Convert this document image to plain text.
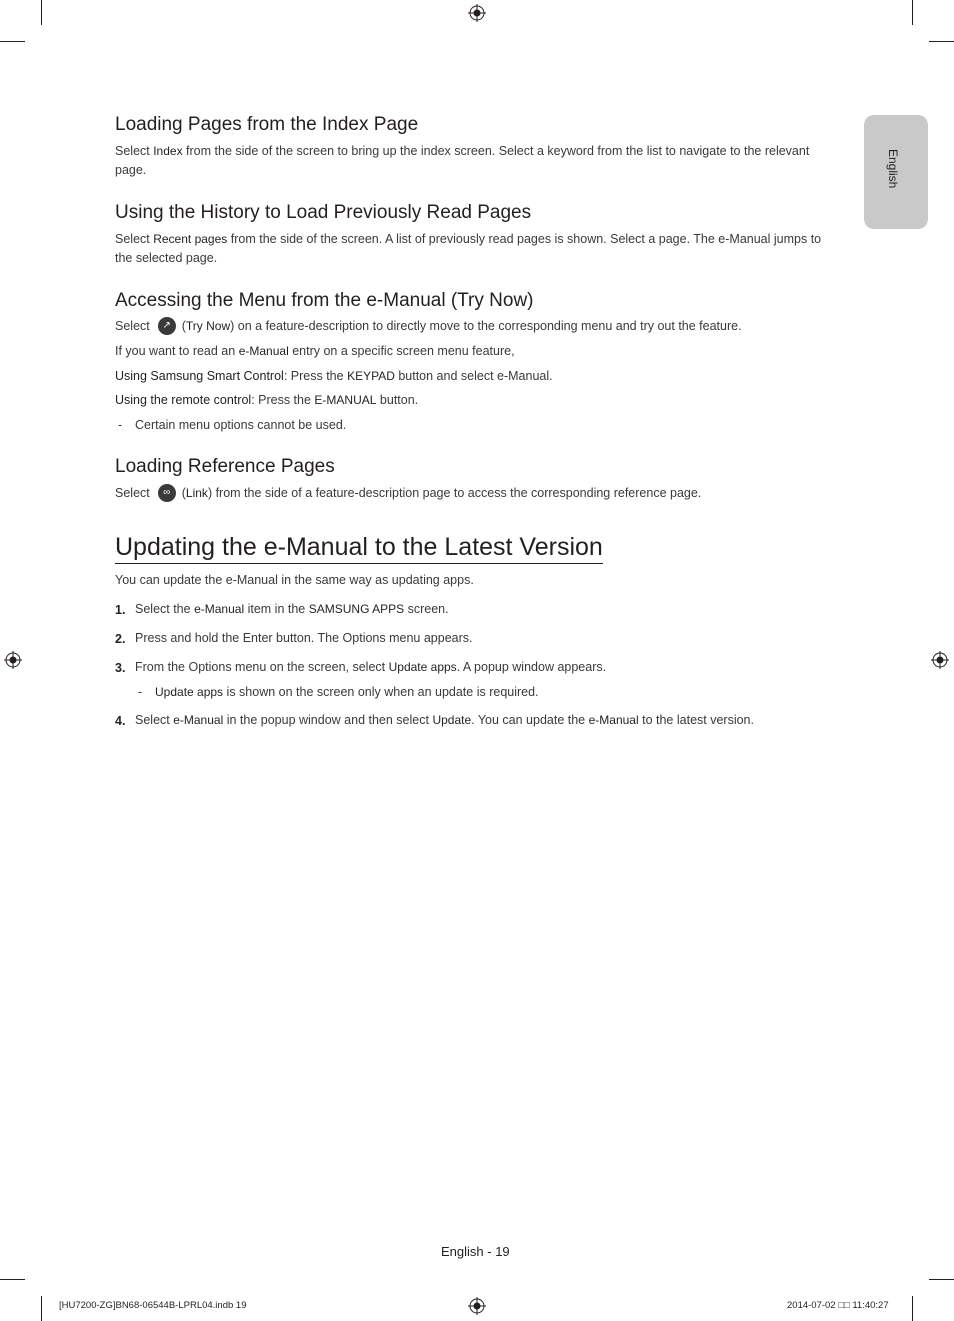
English
Loading Pages from the Index Page

Select Index from the side of the screen to bring up the index screen. Select a keyword from the list to navigate to the relevant page.

Using the History to Load Previously Read Pages

Select Recent pages from the side of the screen. A list of previously read pages is shown. Select a page. The e-Manual jumps to the selected page.

Accessing the Menu from the e-Manual (Try Now)

Select ↗ (Try Now) on a feature-description to directly move to the corresponding menu and try out the feature.

If you want to read an e-Manual entry on a specific screen menu feature,

Using Samsung Smart Control: Press the KEYPAD button and select e-Manual.

Using the remote control: Press the E-MANUAL button.

- Certain menu options cannot be used.

Loading Reference Pages

Select ∞ (Link) from the side of a feature-description page to access the corresponding reference page.

Updating the e-Manual to the Latest Version

You can update the e-Manual in the same way as updating apps.

1. Select the e-Manual item in the SAMSUNG APPS screen.
2. Press and hold the Enter button. The Options menu appears.
3. From the Options menu on the screen, select Update apps. A popup window appears.
- Update apps is shown on the screen only when an update is required.
4. Select e-Manual in the popup window and then select Update. You can update the e-Manual to the latest version.
English - 19
[HU7200-ZG]BN68-06544B-LPRL04.indb 19	2014-07-02 □□ 11:40:27
